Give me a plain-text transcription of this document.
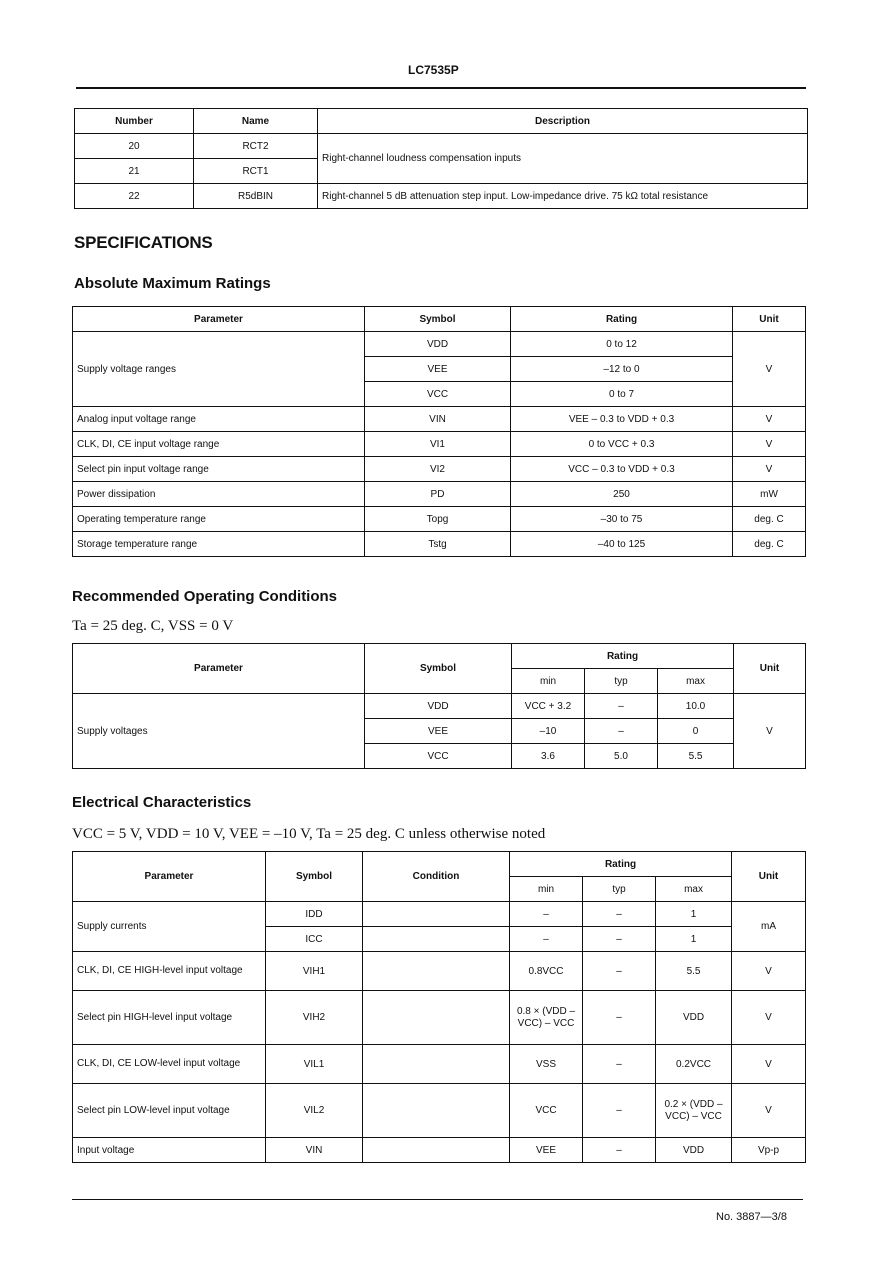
LC7535P
Number	Name	Description
20	RCT2	Right-channel loudness compensation inputs
21	RCT1	
22	R5dBIN	Right-channel 5 dB attenuation step input. Low-impedance drive. 75 kΩ total resistance
SPECIFICATIONS
Absolute Maximum Ratings
Parameter	Symbol	Rating	Unit
Supply voltage ranges	VDD	0 to 12	V
	VEE	–12 to 0	
	VCC	0 to 7	
Analog input voltage range	VIN	VEE – 0.3 to VDD + 0.3	V
CLK, DI, CE input voltage range	VI1	0 to VCC + 0.3	V
Select pin input voltage range	VI2	VCC – 0.3 to VDD + 0.3	V
Power dissipation	PD	250	mW
Operating temperature range	Topg	–30 to 75	deg. C
Storage temperature range	Tstg	–40 to 125	deg. C
Recommended Operating Conditions

Ta = 25 deg. C, VSS = 0 V

Parameter	Symbol	Rating			Unit
		min	typ	max	
Supply voltages	VDD	VCC + 3.2	–	10.0	V
	VEE	–10	–	0	
	VCC	3.6	5.0	5.5	
Electrical Characteristics

VCC = 5 V, VDD = 10 V, VEE = –10 V, Ta = 25 deg. C unless otherwise noted

Parameter	Symbol	Condition	Rating			Unit
			min	typ	max	
Supply currents	IDD		–	–	1	mA
	ICC		–	–	1	
CLK, DI, CE HIGH-level input voltage	VIH1		0.8VCC	–	5.5	V
Select pin HIGH-level input voltage	VIH2		0.8 × (VDD – VCC) – VCC	–	VDD	V
CLK, DI, CE LOW-level input voltage	VIL1		VSS	–	0.2VCC	V
Select pin LOW-level input voltage	VIL2		VCC	–	0.2 × (VDD – VCC) – VCC	V
Input voltage	VIN		VEE	–	VDD	Vp-p
No. 3887—3/8
